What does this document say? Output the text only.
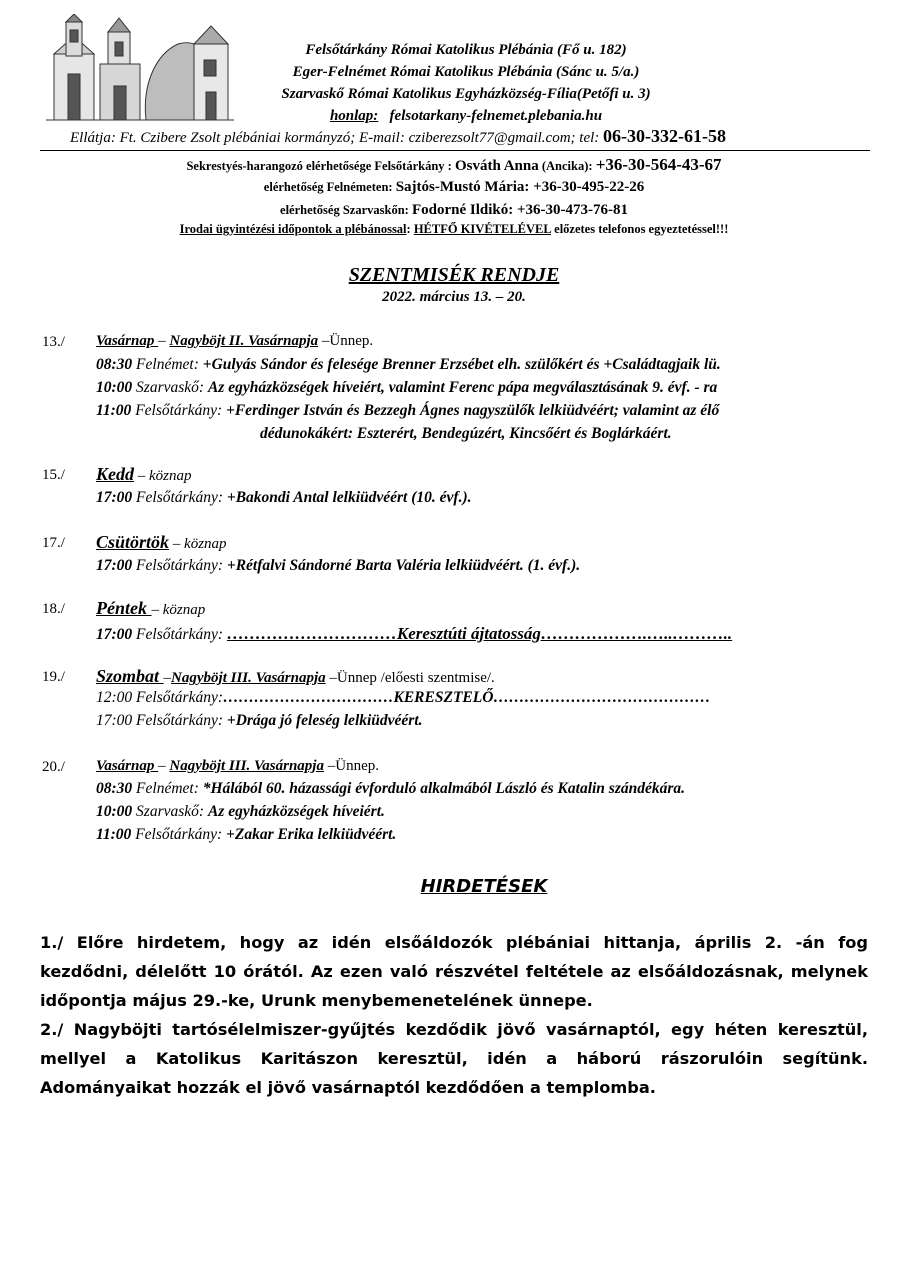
Felsőtárkány Római Katolikus Plébánia (Fő u. 182)
Eger-Felnémet Római Katolikus Plébánia (Sánc u. 5/a.)
Szarvaskő Római Katolikus Egyházközség-Fília(Petőfi u. 3)
honlap: felsotarkany-felnemet.plebania.hu
Ellátja: Ft. Czibere Zsolt plébániai kormányzó; E-mail: cziberezsolt77@gmail.com; tel: 06-30-332-61-58
Sekrestyés-harangozó elérhetősége Felsőtárkány : Osváth Anna (Ancika): +36-30-564-43-67
elérhetőség Felnémeten: Sajtós-Mustó Mária: +36-30-495-22-26
elérhetőség Szarvaskőn: Fodorné Ildikó: +36-30-473-76-81
Irodai ügyintézési időpontok a plébánossal: HÉTFŐ KIVÉTELÉVEL előzetes telefonos egyeztetéssel!!!
SZENTMISÉK RENDJE
2022. március 13. – 20.
13./ Vasárnap – Nagyböjt II. Vasárnapja –Ünnep.
08:30 Felnémet: +Gulyás Sándor és felesége Brenner Erzsébet elh. szülőkért és +Családtagjaik lü.
10:00 Szarvaskő: Az egyházközségek híveiért, valamint Ferenc pápa megválasztásának 9. évf. - ra
11:00 Felsőtárkány: +Ferdinger István és Bezzegh Ágnes nagyszülők lelkiüdvéért; valamint az élő
dédunokákért: Eszterért, Bendegúzért, Kincsőért és Boglárkáért.
15./ Kedd – köznap
17:00 Felsőtárkány: +Bakondi Antal lelkiüdvéért (10. évf.).
17./ Csütörtök – köznap
17:00 Felsőtárkány: +Rétfalvi Sándorné Barta Valéria lelkiüdvéért. (1. évf.).
18./ Péntek – köznap
17:00 Felsőtárkány: …………………………Keresztúti ájtatosság……………….…..………..
19./ Szombat –Nagyböjt III. Vasárnapja –Ünnep /előesti szentmise/.
12:00 Felsőtárkány:……………………………KERESZTELŐ……………………………………
17:00 Felsőtárkány: +Drága jó feleség lelkiüdvéért.
20./ Vasárnap – Nagyböjt III. Vasárnapja –Ünnep.
08:30 Felnémet: *Hálából 60. házassági évforduló alkalmából László és Katalin szándékára.
10:00 Szarvaskő: Az egyházközségek híveiért.
11:00 Felsőtárkány: +Zakar Erika lelkiüdvéért.
HIRDETÉSEK
1./ Előre hirdetem, hogy az idén elsőáldozók plébániai hittanja, április 2. -án fog kezdődni, délelőtt 10 órától. Az ezen való részvétel feltétele az elsőáldozásnak, melynek időpontja május 29.-ke, Urunk menybemenetelének ünnepe.
2./ Nagyböjti tartósélelmiszer-gyűjtés kezdődik jövő vasárnaptól, egy héten keresztül, mellyel a Katolikus Karitászon keresztül, idén a háború rászorulóin segítünk. Adományaikat hozzák el jövő vasárnaptól kezdődően a templomba.
